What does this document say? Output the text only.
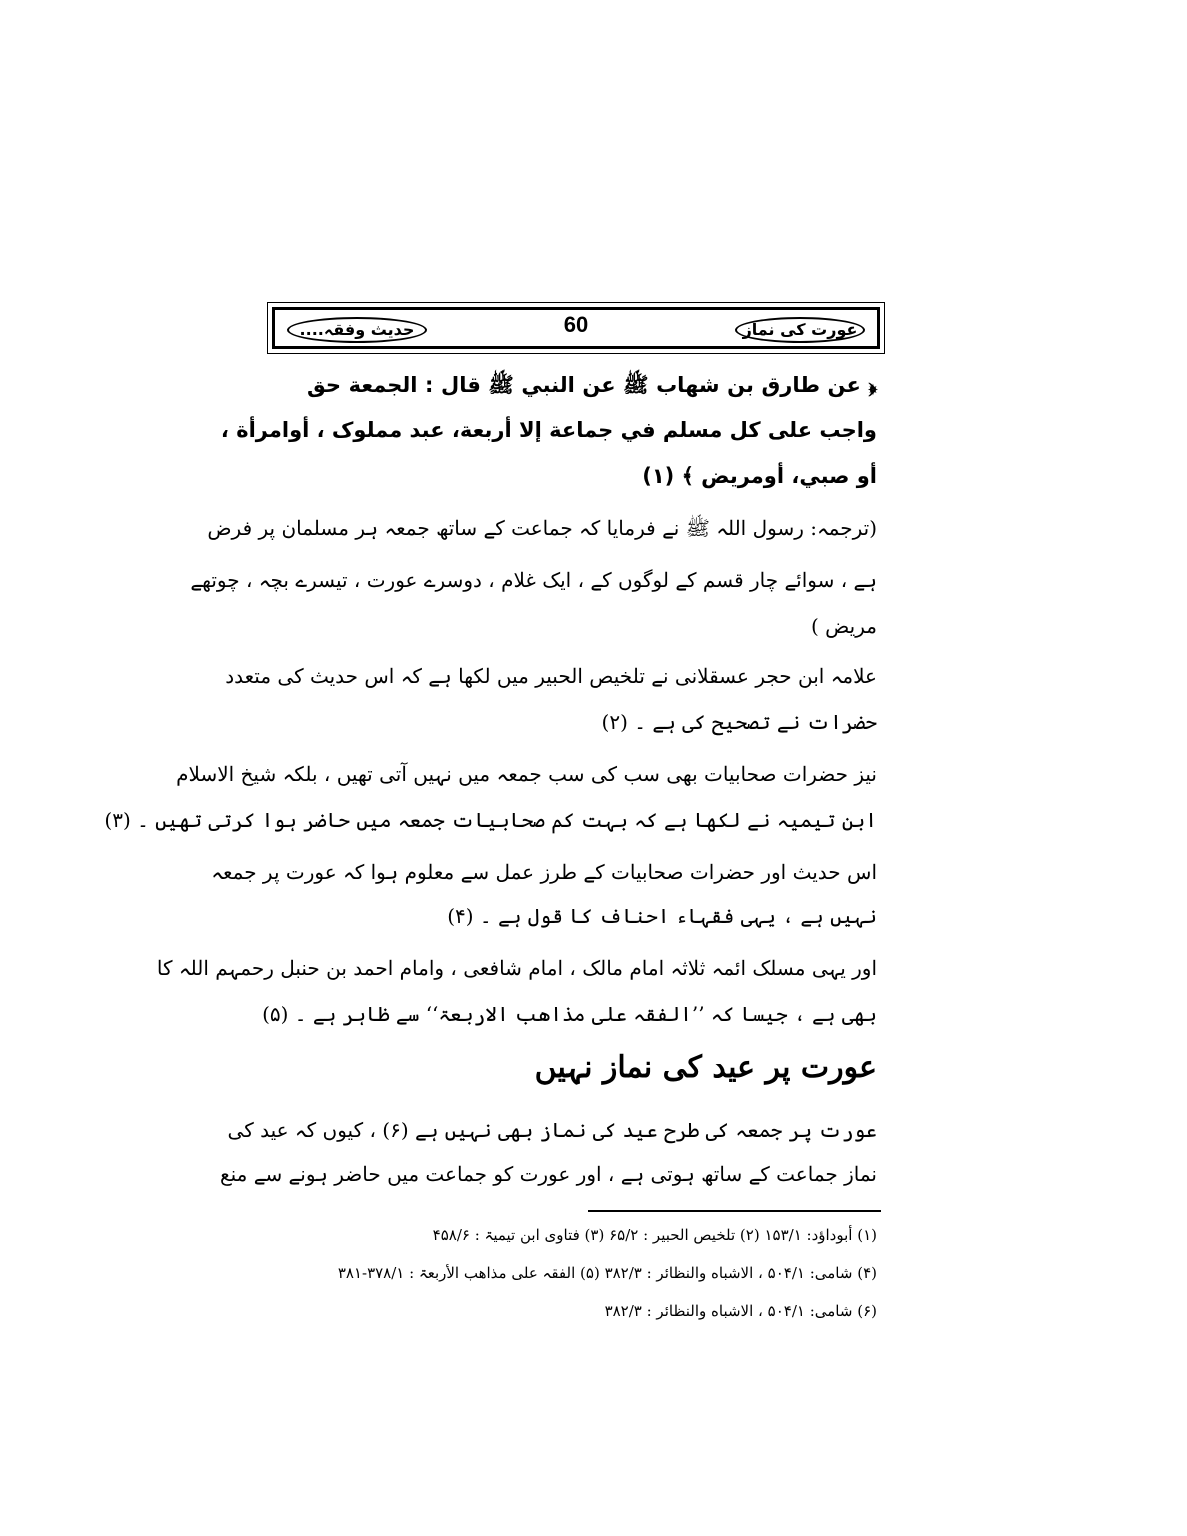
عورت کی نماز
60
حدیث وفقہ....
﴿ عن طارق بن شهاب ﷺ عن النبي ﷺ قال : الجمعة حق
واجب على كل مسلم في جماعة إلا أربعة، عبد مملوک ، أوامرأة ،
أو صبي، أومريض ﴾ (۱)
(ترجمہ: رسول اللہ ﷺ نے فرمایا کہ جماعت کے ساتھ جمعہ ہر مسلمان پر فرض
ہے ، سوائے چار قسم کے لوگوں کے ، ایک غلام ، دوسرے عورت ، تیسرے بچہ ، چوتھے
مریض )
علامہ ابن حجر عسقلانی نے تلخیص الحبیر میں لکھا ہے کہ اس حدیث کی متعدد
حضرات نے تصحیح کی ہے ۔ (۲)
نیز حضرات صحابیات بھی سب کی سب جمعہ میں نہیں آتی تھیں ، بلکہ شیخ الاسلام
ابن تیمیہ نے لکھا ہے کہ بہت کم صحابیات جمعہ میں حاضر ہوا کرتی تھیں ۔ (۳)
اس حدیث اور حضرات صحابیات کے طرز عمل سے معلوم ہوا کہ عورت پر جمعہ
نہیں ہے ، یہی فقہاء احناف کا قول ہے ۔ (۴)
اور یہی مسلک ائمہ ثلاثہ امام مالک ، امام شافعی ، وامام احمد بن حنبل رحمہم اللہ کا
بھی ہے ، جیسا کہ ’’الفقہ علی مذاهب الاربعۃ‘‘ سے ظاہر ہے ۔ (۵)
عورت پر عید کی نماز نہیں
عورت پر جمعہ کی طرح عید کی نماز بھی نہیں ہے (۶) ، کیوں کہ عید کی
نماز جماعت کے ساتھ ہوتی ہے ، اور عورت کو جماعت میں حاضر ہونے سے منع
(۱) أبوداؤد: ۱۵۳/۱ (۲) تلخیص الحبیر : ۶۵/۲ (۳) فتاوی ابن تیمیۃ : ۴۵۸/۶
(۴) شامی: ۵۰۴/۱ ، الاشباه والنظائر : ۳۸۲/۳ (۵) الفقہ علی مذاهب الأربعۃ : ۳۷۸/۱-۳۸۱
(۶) شامی: ۵۰۴/۱ ، الاشباه والنظائر : ۳۸۲/۳
